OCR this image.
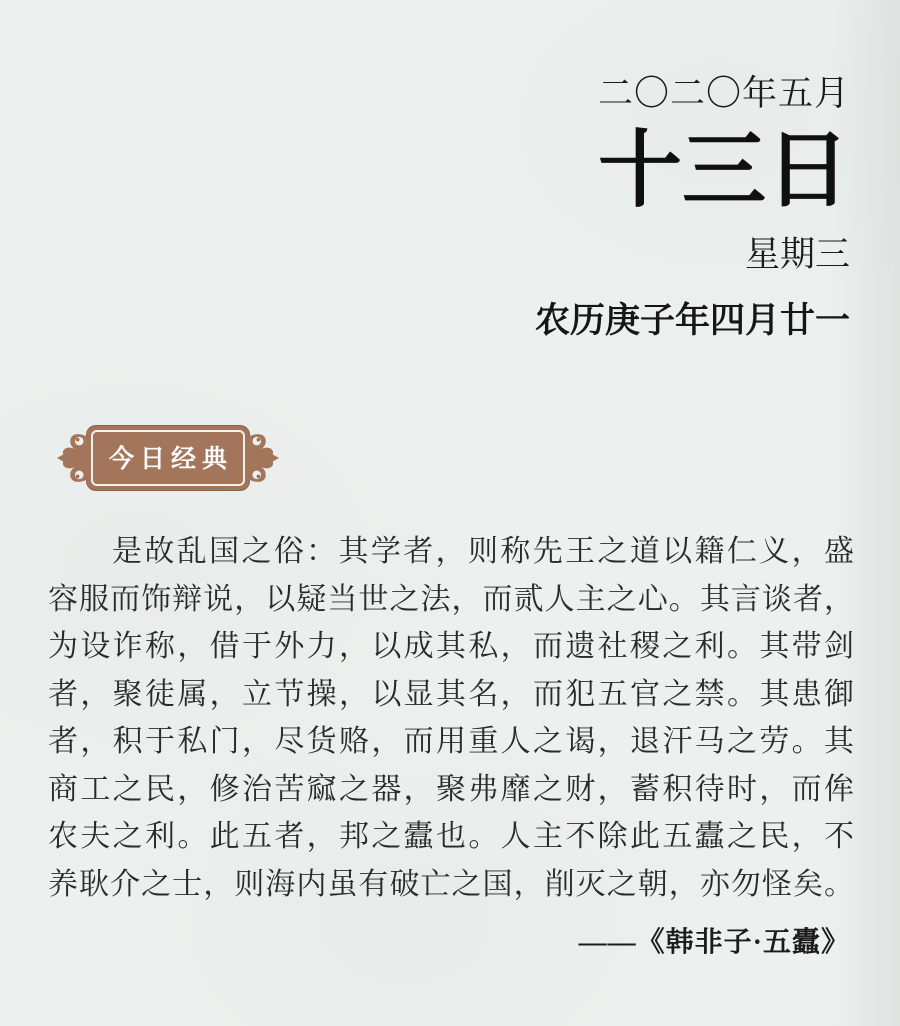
二〇二〇年五月
十三日
星期三
农历庚子年四月廿一
今日经典
是故乱国之俗：其学者，则称先王之道以籍仁义，盛
容服而饰辩说，以疑当世之法，而贰人主之心。其言谈者，
为设诈称，借于外力，以成其私，而遗社稷之利。其带剑
者，聚徒属，立节操，以显其名，而犯五官之禁。其患御
者，积于私门，尽货赂，而用重人之谒，退汗马之劳。其
商工之民，修治苦窳之器，聚弗靡之财，蓄积待时，而侔
农夫之利。此五者，邦之蠹也。人主不除此五蠹之民，不
养耿介之士，则海内虽有破亡之国，削灭之朝，亦勿怪矣。
——《韩非子·五蠹》
